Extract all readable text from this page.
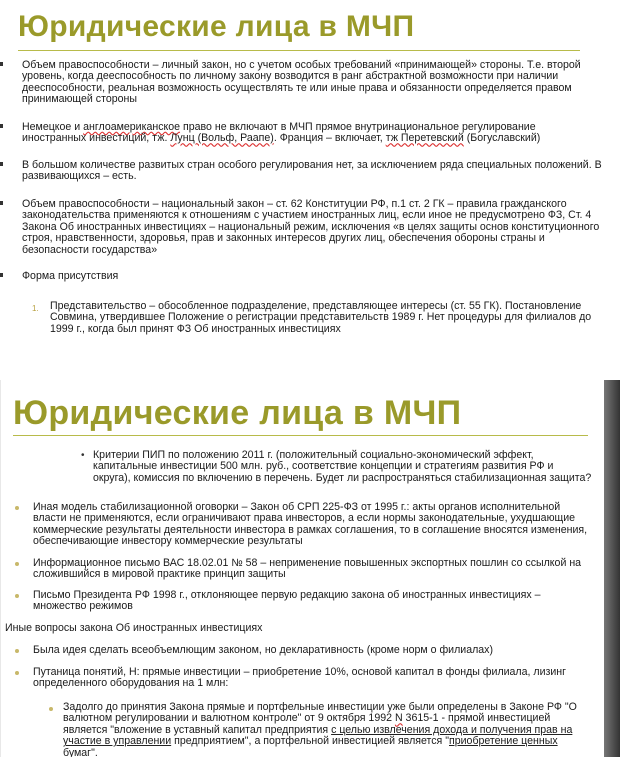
Юридические лица в МЧП
Объем правоспособности – личный закон, но с учетом особых требований «принимающей» стороны. Т.е. второй уровень, когда дееспособность по личному закону возводится в ранг абстрактной возможности при наличии дееспособности, реальная возможность осуществлять те или иные права и обязанности определяется правом принимающей стороны
Немецкое и англоамериканское право не включают в МЧП прямое внутринациональное регулирование иностранных инвестиций, тж. Лунц (Вольф, Раапе). Франция – включает, тж Перетевский (Богуславский)
В большом количестве развитых стран особого регулирования нет, за исключением ряда специальных положений. В развивающихся – есть.
Объем правоспособности – национальный закон – ст. 62 Конституции РФ, п.1 ст. 2 ГК – правила гражданского законодательства применяются к отношениям с участием иностранных лиц, если иное не предусмотрено ФЗ, Ст. 4 Закона Об иностранных инвестициях – национальный режим, исключения «в целях защиты основ конституционного строя, нравственности, здоровья, прав и законных интересов других лиц, обеспечения обороны страны и безопасности государства»
Форма присутствия
1. Представительство – обособленное подразделение, представляющее интересы (ст. 55 ГК). Постановление Совмина, утвердившее Положение о регистрации представительств 1989 г. Нет процедуры для филиалов до 1999 г., когда был принят ФЗ Об иностранных инвестициях
Юридические лица в МЧП
• Критерии ПИП по положению 2011 г. (положительный социально-экономический эффект, капитальные инвестиции 500 млн. руб., соответствие концепции и стратегиям развития РФ и округа), комиссия по включению в перечень. Будет ли распространяться стабилизационная защита?
Иная модель стабилизационной оговорки – Закон об СРП 225-ФЗ от 1995 г.: акты органов исполнительной власти не применяются, если ограничивают права инвесторов, а если нормы законодательные, ухудшающие коммерческие результаты деятельности инвестора в рамках соглашения, то в соглашение вносятся изменения, обеспечивающие инвестору коммерческие результаты
Информационное письмо ВАС 18.02.01 № 58 – неприменение повышенных экспортных пошлин со ссылкой на сложившийся в мировой практике принцип защиты
Письмо Президента РФ 1998 г., отклоняющее первую редакцию закона об иностранных инвестициях – множество режимов
Иные вопросы закона Об иностранных инвестициях
Была идея сделать всеобъемлющим законом, но декларативность (кроме норм о филиалах)
Путаница понятий, Н: прямые инвестиции – приобретение 10%, основой капитал в фонды филиала, лизинг определенного оборудования на 1 млн:
Задолго до принятия Закона прямые и портфельные инвестиции уже были определены в Законе РФ "О валютном регулировании и валютном контроле" от 9 октября 1992 N 3615-1 - прямой инвестицией является "вложение в уставный капитал предприятия с целью извлечения дохода и получения прав на участие в управлении предприятием", а портфельной инвестицией является "приобретение ценных бумаг".
